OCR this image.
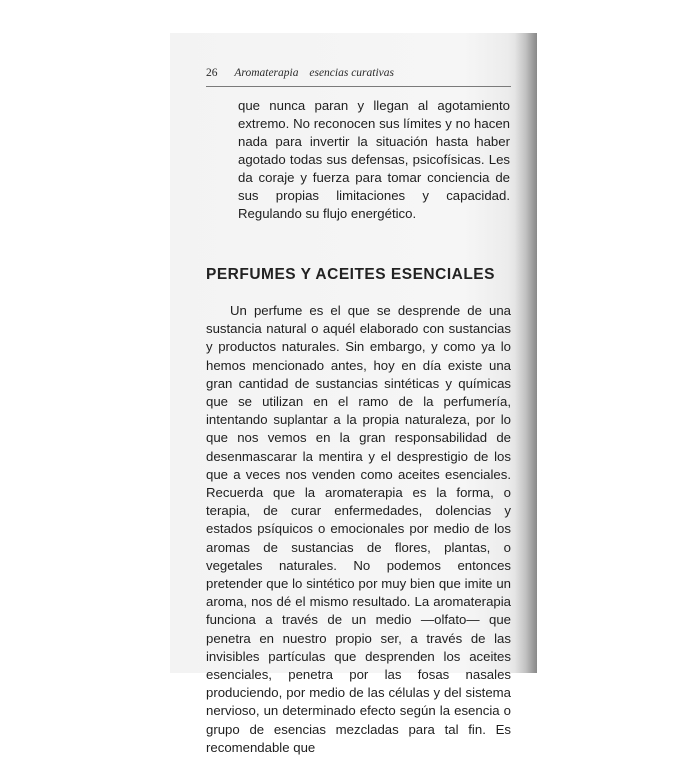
26 Aromaterapia esencias curativas

que nunca paran y llegan al agotamiento extremo. No reconocen sus límites y no hacen nada para invertir la situación hasta haber agotado todas sus defensas, psicofísicas. Les da coraje y fuerza para tomar conciencia de sus propias limitaciones y capacidad. Regulando su flujo energético.

PERFUMES Y ACEITES ESENCIALES

Un perfume es el que se desprende de una sustancia natural o aquél elaborado con sustancias y productos naturales. Sin embargo, y como ya lo hemos mencionado antes, hoy en día existe una gran cantidad de sustancias sintéticas y químicas que se utilizan en el ramo de la perfumería, intentando suplantar a la propia naturaleza, por lo que nos vemos en la gran responsabilidad de desenmascarar la mentira y el desprestigio de los que a veces nos venden como aceites esenciales. Recuerda que la aromaterapia es la forma, o terapia, de curar enfermedades, dolencias y estados psíquicos o emocionales por medio de los aromas de sustancias de flores, plantas, o vegetales naturales. No podemos entonces pretender que lo sintético por muy bien que imite un aroma, nos dé el mismo resultado. La aromaterapia funciona a través de un medio —olfato— que penetra en nuestro propio ser, a través de las invisibles partículas que desprenden los aceites esenciales, penetra por las fosas nasales produciendo, por medio de las células y del sistema nervioso, un determinado efecto según la esencia o grupo de esencias mezcladas para tal fin. Es recomendable que
